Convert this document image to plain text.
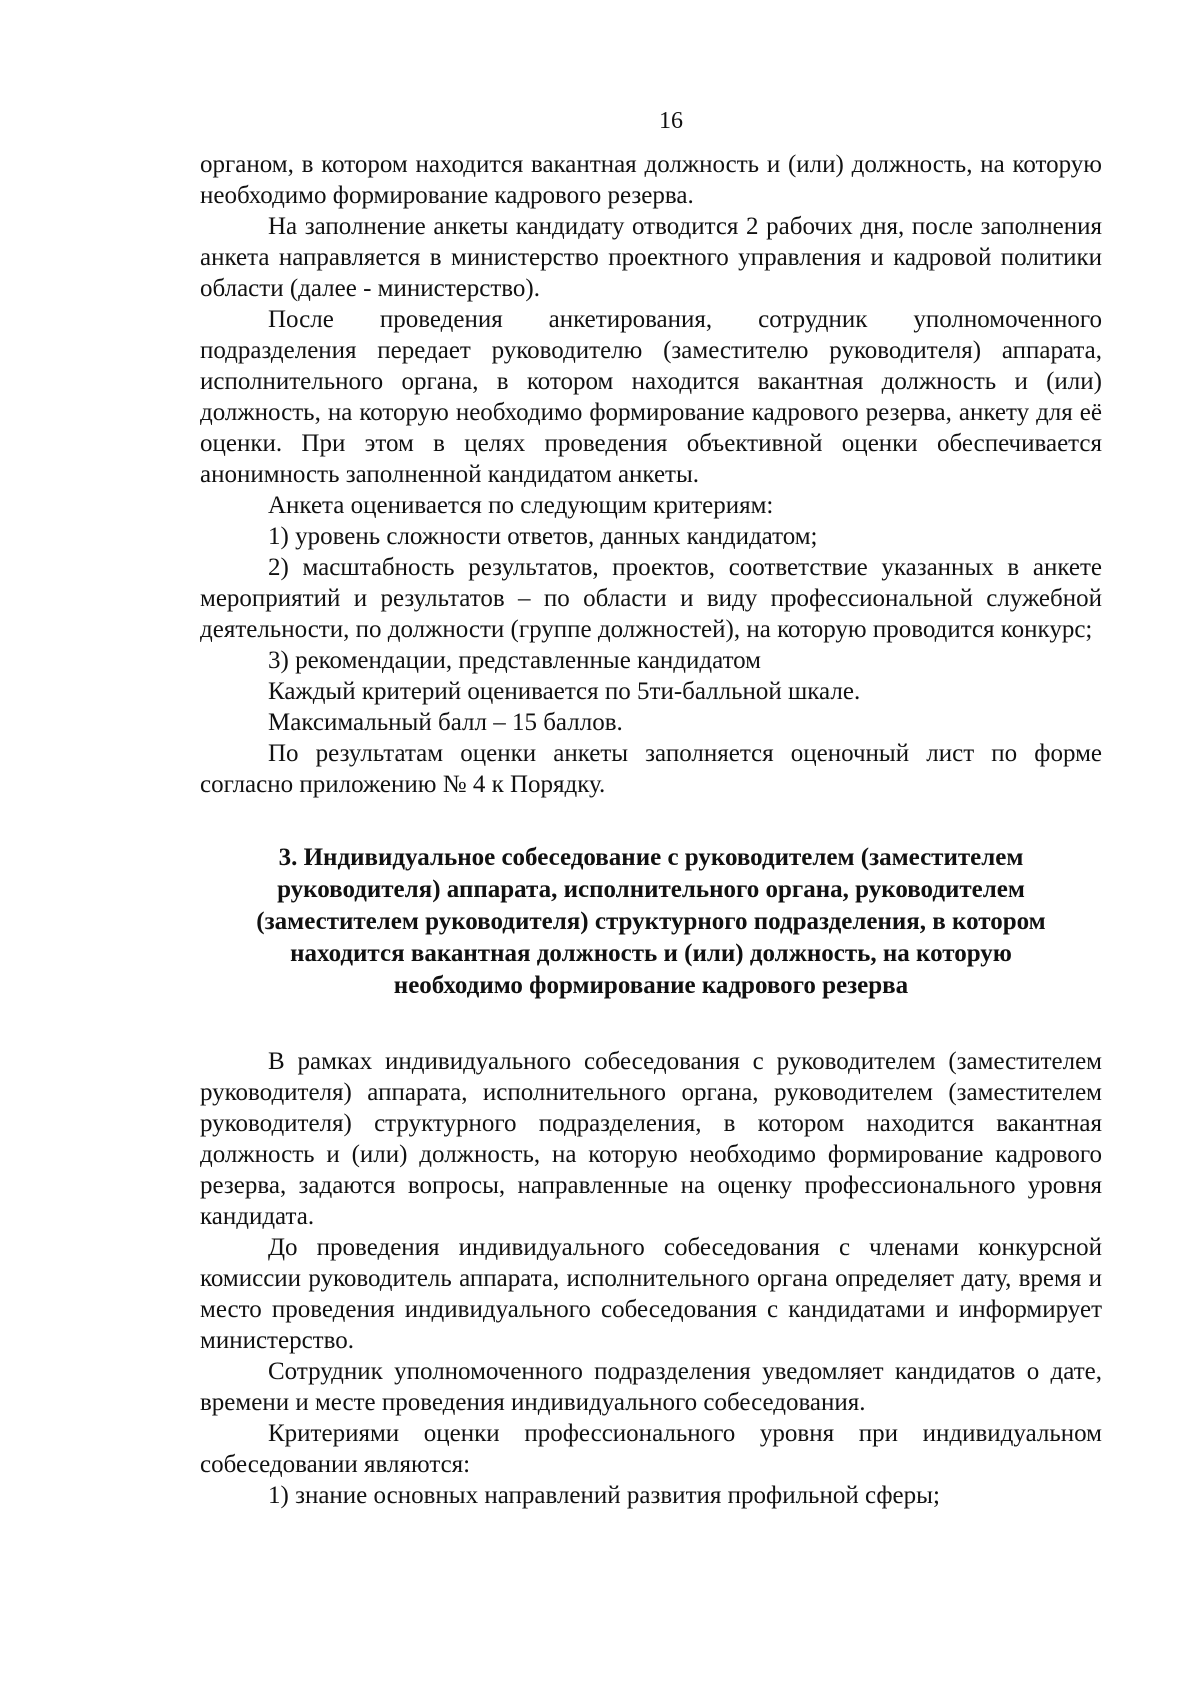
16

органом, в котором находится вакантная должность и (или) должность, на которую необходимо формирование кадрового резерва.

На заполнение анкеты кандидату отводится 2 рабочих дня, после заполнения анкета направляется в министерство проектного управления и кадровой политики области (далее - министерство).

После проведения анкетирования, сотрудник уполномоченного подразделения передает руководителю (заместителю руководителя) аппарата, исполнительного органа, в котором находится вакантная должность и (или) должность, на которую необходимо формирование кадрового резерва, анкету для её оценки. При этом в целях проведения объективной оценки обеспечивается анонимность заполненной кандидатом анкеты.

Анкета оценивается по следующим критериям:

1) уровень сложности ответов, данных кандидатом;

2) масштабность результатов, проектов, соответствие указанных в анкете мероприятий и результатов – по области и виду профессиональной служебной деятельности, по должности (группе должностей), на которую проводится конкурс;

3) рекомендации, представленные кандидатом

Каждый критерий оценивается по 5ти-балльной шкале.

Максимальный балл – 15 баллов.

По результатам оценки анкеты заполняется оценочный лист по форме согласно приложению № 4 к Порядку.

3. Индивидуальное собеседование с руководителем (заместителем
руководителя) аппарата, исполнительного органа, руководителем
(заместителем руководителя) структурного подразделения, в котором
находится вакантная должность и (или) должность, на которую
необходимо формирование кадрового резерва

В рамках индивидуального собеседования с руководителем (заместителем руководителя) аппарата, исполнительного органа, руководителем (заместителем руководителя) структурного подразделения, в котором находится вакантная должность и (или) должность, на которую необходимо формирование кадрового резерва, задаются вопросы, направленные на оценку профессионального уровня кандидата.

До проведения индивидуального собеседования с членами конкурсной комиссии руководитель аппарата, исполнительного органа определяет дату, время и место проведения индивидуального собеседования с кандидатами и информирует министерство.

Сотрудник уполномоченного подразделения уведомляет кандидатов о дате, времени и месте проведения индивидуального собеседования.

Критериями оценки профессионального уровня при индивидуальном собеседовании являются:

1) знание основных направлений развития профильной сферы;
